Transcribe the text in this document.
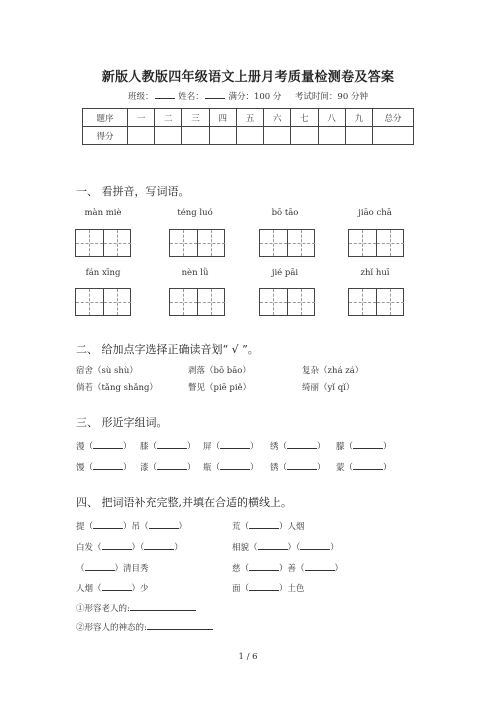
新版人教版四年级语文上册月考质量检测卷及答案
班级：	姓名：	满分：100 分 考试时间：90 分钟
题序	一	二	三	四	五	六	七	八	九	总分
得分										
一、 看拼音，写词语。
màn miè	téng luó	bō tāo	jiāo chā
fán xīng	nèn lǜ	jié pāi	zhǐ huī
二、 给加点字选择正确读音划“ √ ”。
宿舍（sù shù）	剥落（bō bāo）	复杂（zhá zá）
倘若（tǎng shǎng）	瞥见（piē piě）	绮丽（yǐ qǐ）
三、 形近字组词。
漫（	） 膝（	） 屏（	） 绣（	） 朦（	）
馒（	） 漆（	） 瓶（	） 锈（	） 蒙（	）
四、 把词语补充完整,并填在合适的横线上。
提（	）吊（	）	荒（	）人烟
白发（	）（	）	相貌（	）（	）
（	）清目秀	慈（	）善（	）
人烟（	）少	面（	）土色
①形容老人的:
②形容人的神态的:
1 / 6
